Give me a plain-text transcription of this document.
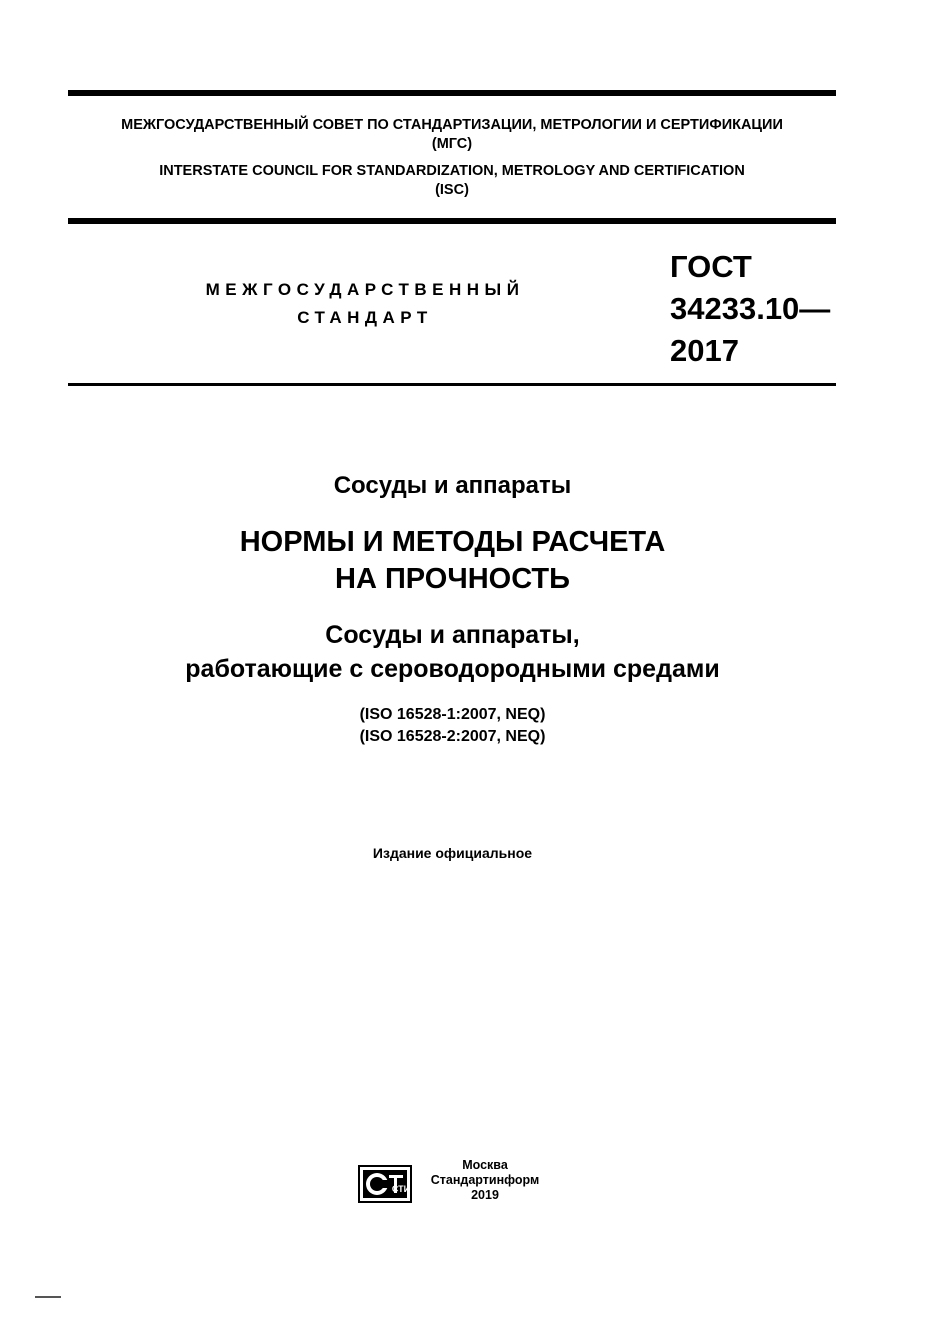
МЕЖГОСУДАРСТВЕННЫЙ СОВЕТ ПО СТАНДАРТИЗАЦИИ, МЕТРОЛОГИИ И СЕРТИФИКАЦИИ
(МГС)
INTERSTATE COUNCIL FOR STANDARDIZATION, METROLOGY AND CERTIFICATION
(ISC)
МЕЖГОСУДАРСТВЕННЫЙ
СТАНДАРТ
ГОСТ
34233.10—
2017
Сосуды и аппараты
НОРМЫ И МЕТОДЫ РАСЧЕТА
НА ПРОЧНОСТЬ
Сосуды и аппараты,
работающие с сероводородными средами
(ISO 16528-1:2007, NEQ)
(ISO 16528-2:2007, NEQ)
Издание официальное
СТИ
Москва
Стандартинформ
2019
